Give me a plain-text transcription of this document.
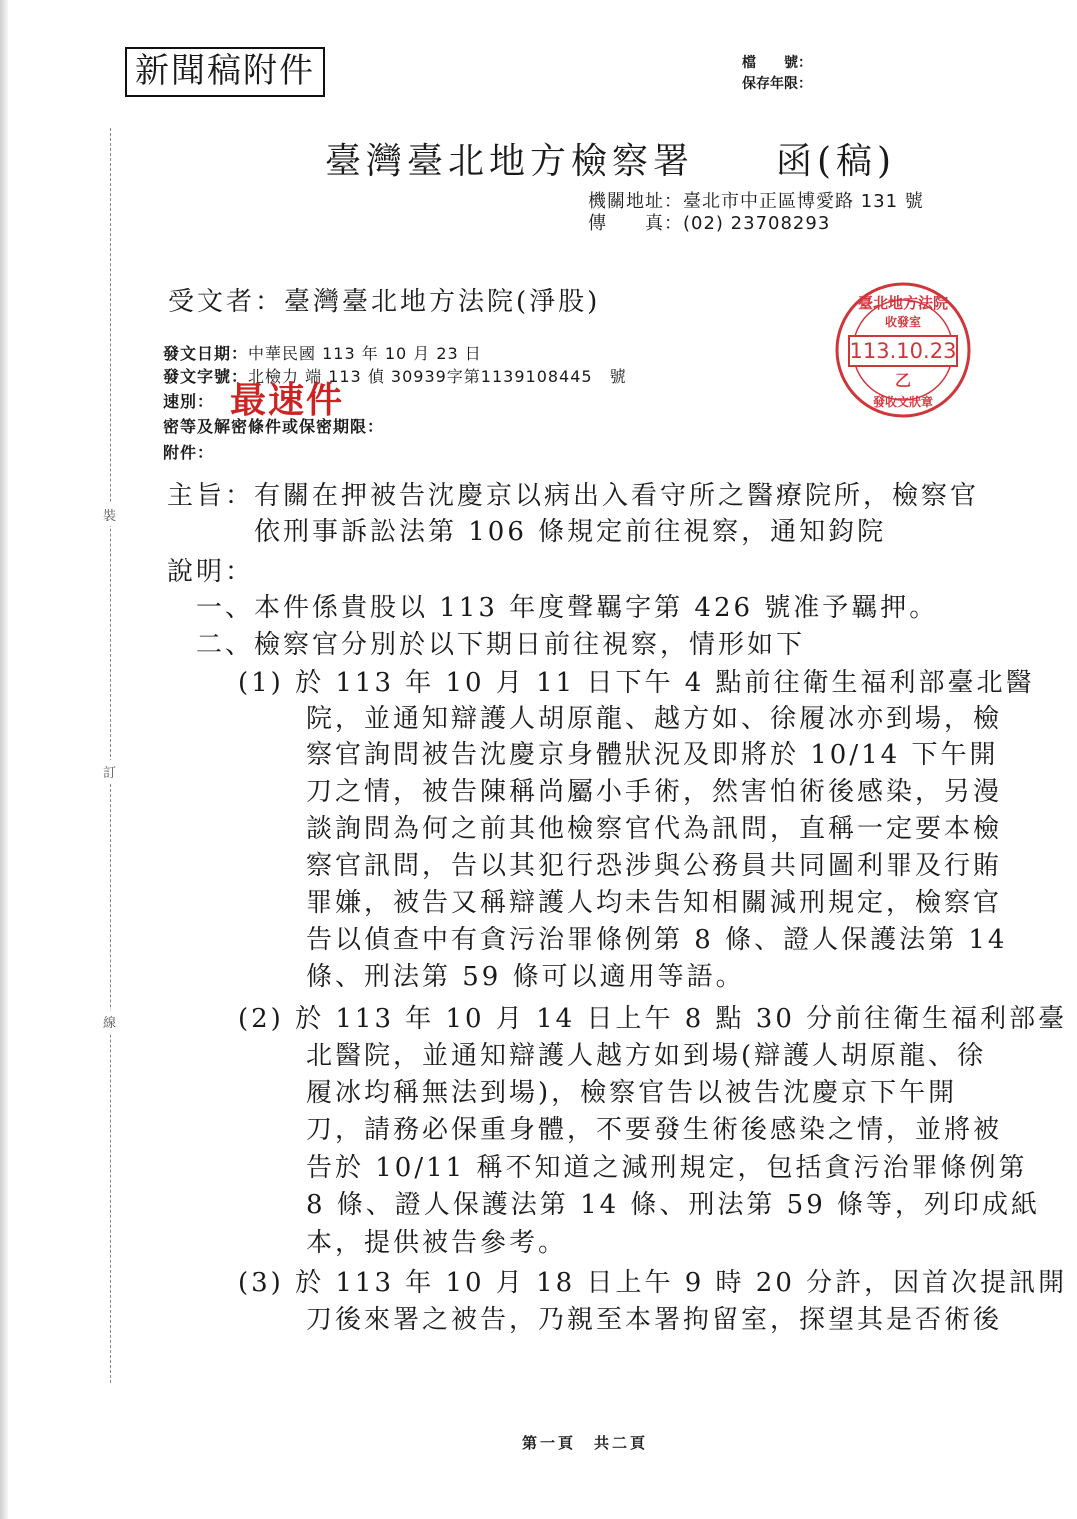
新聞稿附件	檔　　號：
保存年限：
裝
訂
線
臺灣臺北地方檢察署　　函(稿)
機關地址：臺北市中正區博愛路 131 號
傳　　真：(02) 23708293
受文者：臺灣臺北地方法院(淨股)
發文日期：中華民國 113 年 10 月 23 日
發文字號：北檢力 端 113 偵 30939字第1139108445　號
速別： 最速件
密等及解密條件或保密期限：
附件：
臺北地方法院
收發室
113.10.23
乙
發收文狀章
主旨：有關在押被告沈慶京以病出入看守所之醫療院所，檢察官
　　　依刑事訴訟法第 106 條規定前往視察，通知鈞院
說明：
　一、本件係貴股以 113 年度聲羈字第 426 號准予羈押。
　二、檢察官分別於以下期日前往視察，情形如下
(1) 於 113 年 10 月 11 日下午 4 點前往衛生福利部臺北醫
院，並通知辯護人胡原龍、越方如、徐履冰亦到場，檢
察官詢問被告沈慶京身體狀況及即將於 10/14 下午開
刀之情，被告陳稱尚屬小手術，然害怕術後感染，另漫
談詢問為何之前其他檢察官代為訊問，直稱一定要本檢
察官訊問，告以其犯行恐涉與公務員共同圖利罪及行賄
罪嫌，被告又稱辯護人均未告知相關減刑規定，檢察官
告以偵查中有貪污治罪條例第 8 條、證人保護法第 14
條、刑法第 59 條可以適用等語。
(2) 於 113 年 10 月 14 日上午 8 點 30 分前往衛生福利部臺
北醫院，並通知辯護人越方如到場(辯護人胡原龍、徐
履冰均稱無法到場)，檢察官告以被告沈慶京下午開
刀，請務必保重身體，不要發生術後感染之情，並將被
告於 10/11 稱不知道之減刑規定，包括貪污治罪條例第
8 條、證人保護法第 14 條、刑法第 59 條等，列印成紙
本，提供被告參考。
(3) 於 113 年 10 月 18 日上午 9 時 20 分許，因首次提訊開
刀後來署之被告，乃親至本署拘留室，探望其是否術後
第一頁　共二頁
